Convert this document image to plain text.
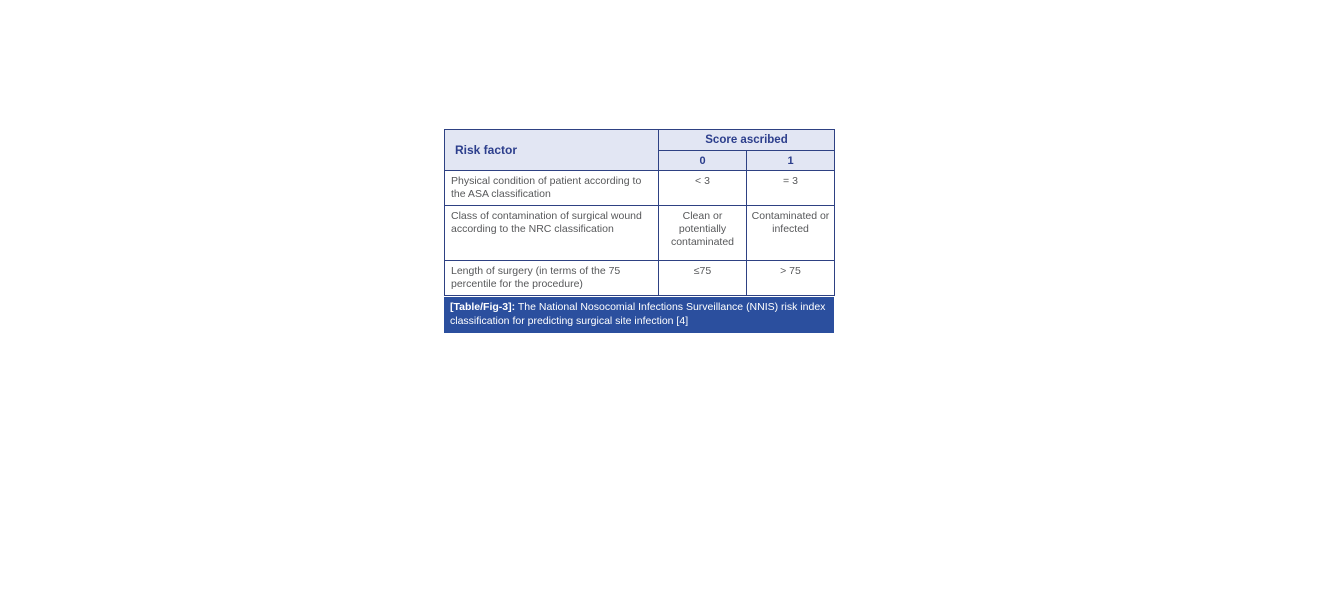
Risk factor	Score ascribed	
	0	1
Physical condition of patient according to the ASA classification	< 3	= 3
Class of contamination of surgical wound according to the NRC classification	Clean or potentially contaminated	Contaminated or infected
Length of surgery (in terms of the 75 percentile for the procedure)	≤75	> 75
[Table/Fig-3]: The National Nosocomial Infections Surveillance (NNIS) risk index classification for predicting surgical site infection [4]
